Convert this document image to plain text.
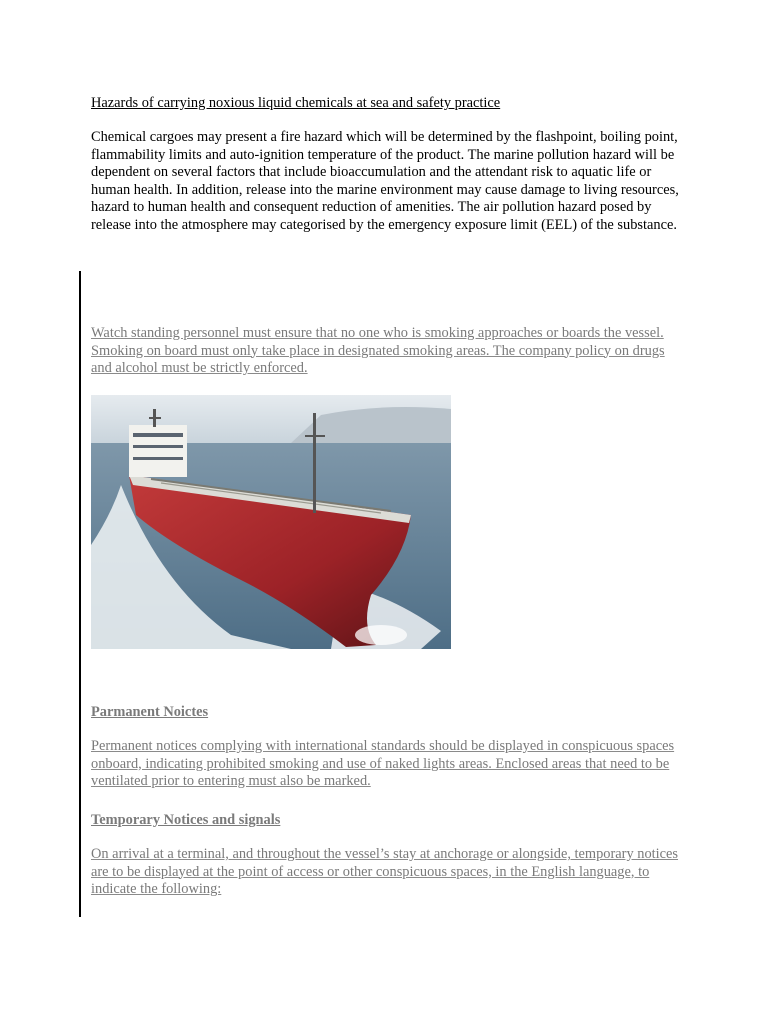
Hazards of carrying noxious liquid chemicals at sea and safety practice

Chemical cargoes may present a fire hazard which will be determined by the flashpoint, boiling point, flammability limits and auto-ignition temperature of the product. The marine pollution hazard will be dependent on several factors that include bioaccumulation and the attendant risk to aquatic life or human health. In addition, release into the marine environment may cause damage to living resources, hazard to human health and consequent reduction of amenities. The air pollution hazard posed by release into the atmosphere may categorised by the emergency exposure limit (EEL) of the substance.

Watch standing personnel must ensure that no one who is smoking approaches or boards the vessel. Smoking on board must only take place in designated smoking areas. The company policy on drugs and alcohol must be strictly enforced.

Parmanent Noictes

Permanent notices complying with international standards should be displayed in conspicuous spaces onboard, indicating prohibited smoking and use of naked lights areas. Enclosed areas that need to be ventilated prior to entering must also be marked.

Temporary Notices and signals

On arrival at a terminal, and throughout the vessel’s stay at anchorage or alongside, temporary notices are to be displayed at the point of access or other conspicuous spaces, in the English language, to indicate the following:
